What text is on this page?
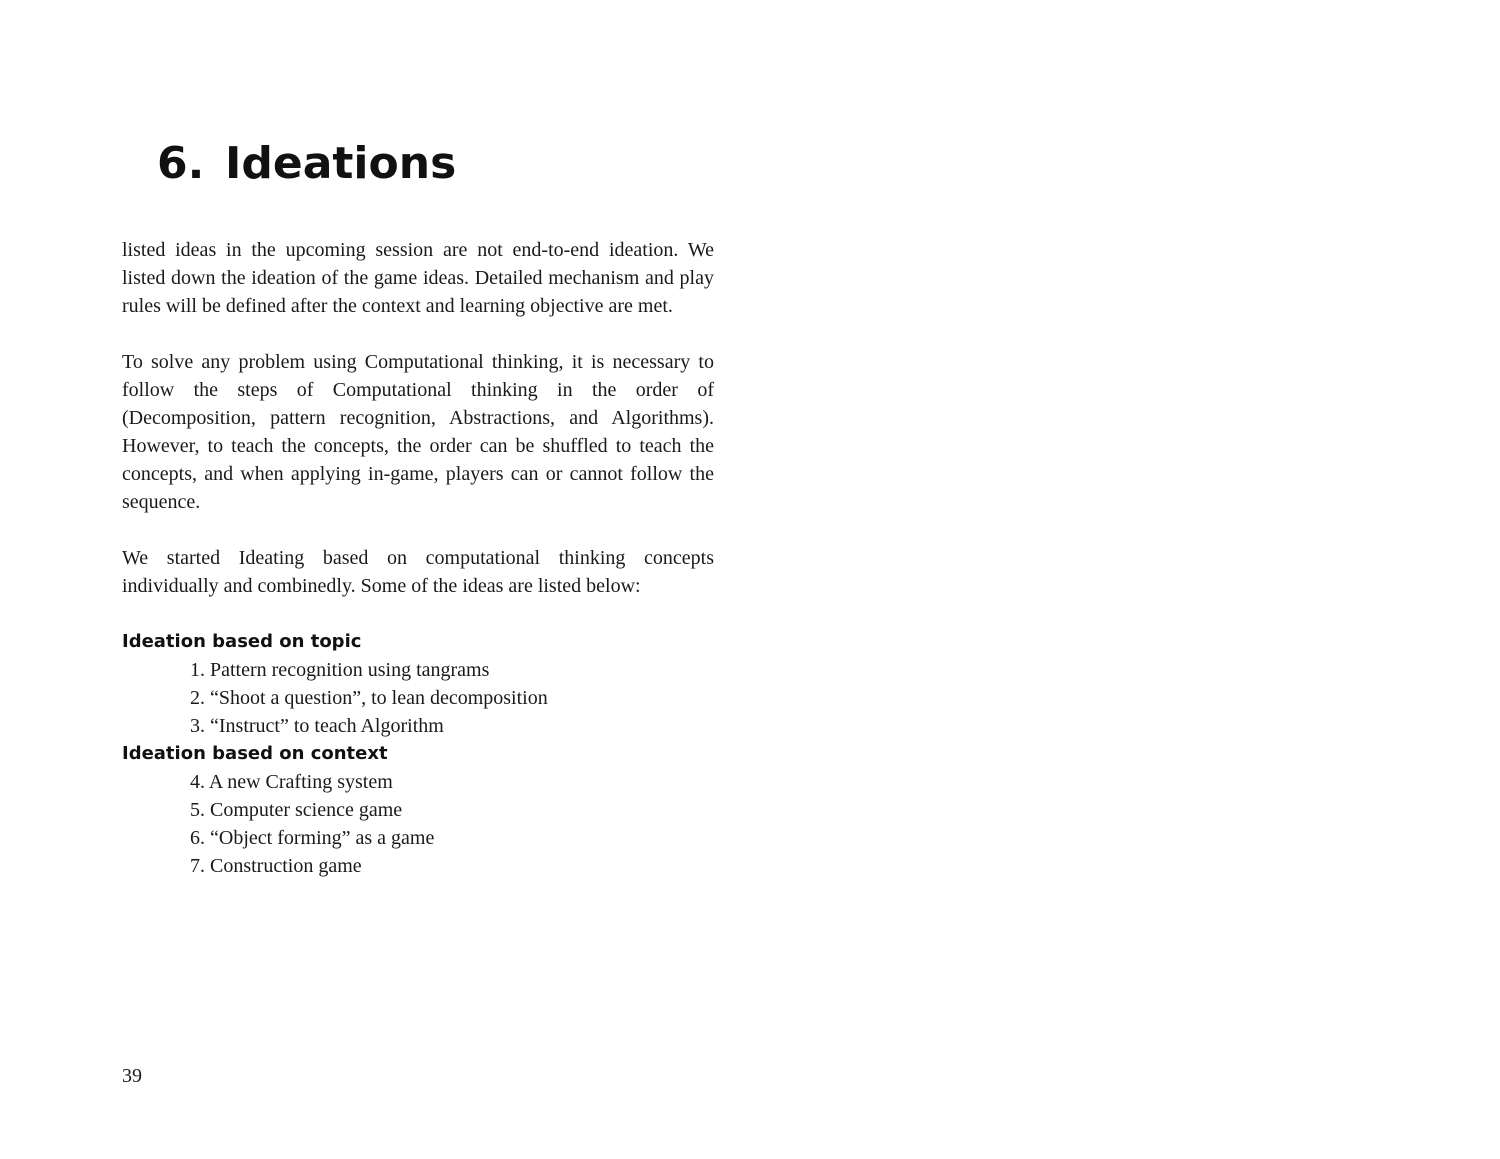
6. Ideations

listed ideas in the upcoming session are not end-to-end ideation. We listed down the ideation of the game ideas. Detailed mechanism and play rules will be defined after the context and learning objective are met.

To solve any problem using Computational thinking, it is necessary to follow the steps of Computational thinking in the order of (Decomposition, pattern recognition, Abstractions, and Algorithms). However, to teach the concepts, the order can be shuffled to teach the concepts, and when applying in-game, players can or cannot follow the sequence.

We started Ideating based on computational thinking concepts individually and combinedly. Some of the ideas are listed below:

Ideation based on topic
1. Pattern recognition using tangrams
2. “Shoot a question”, to lean decomposition
3. “Instruct” to teach Algorithm
Ideation based on context
4. A new Crafting system
5. Computer science game
6. “Object forming” as a game
7. Construction game
39
